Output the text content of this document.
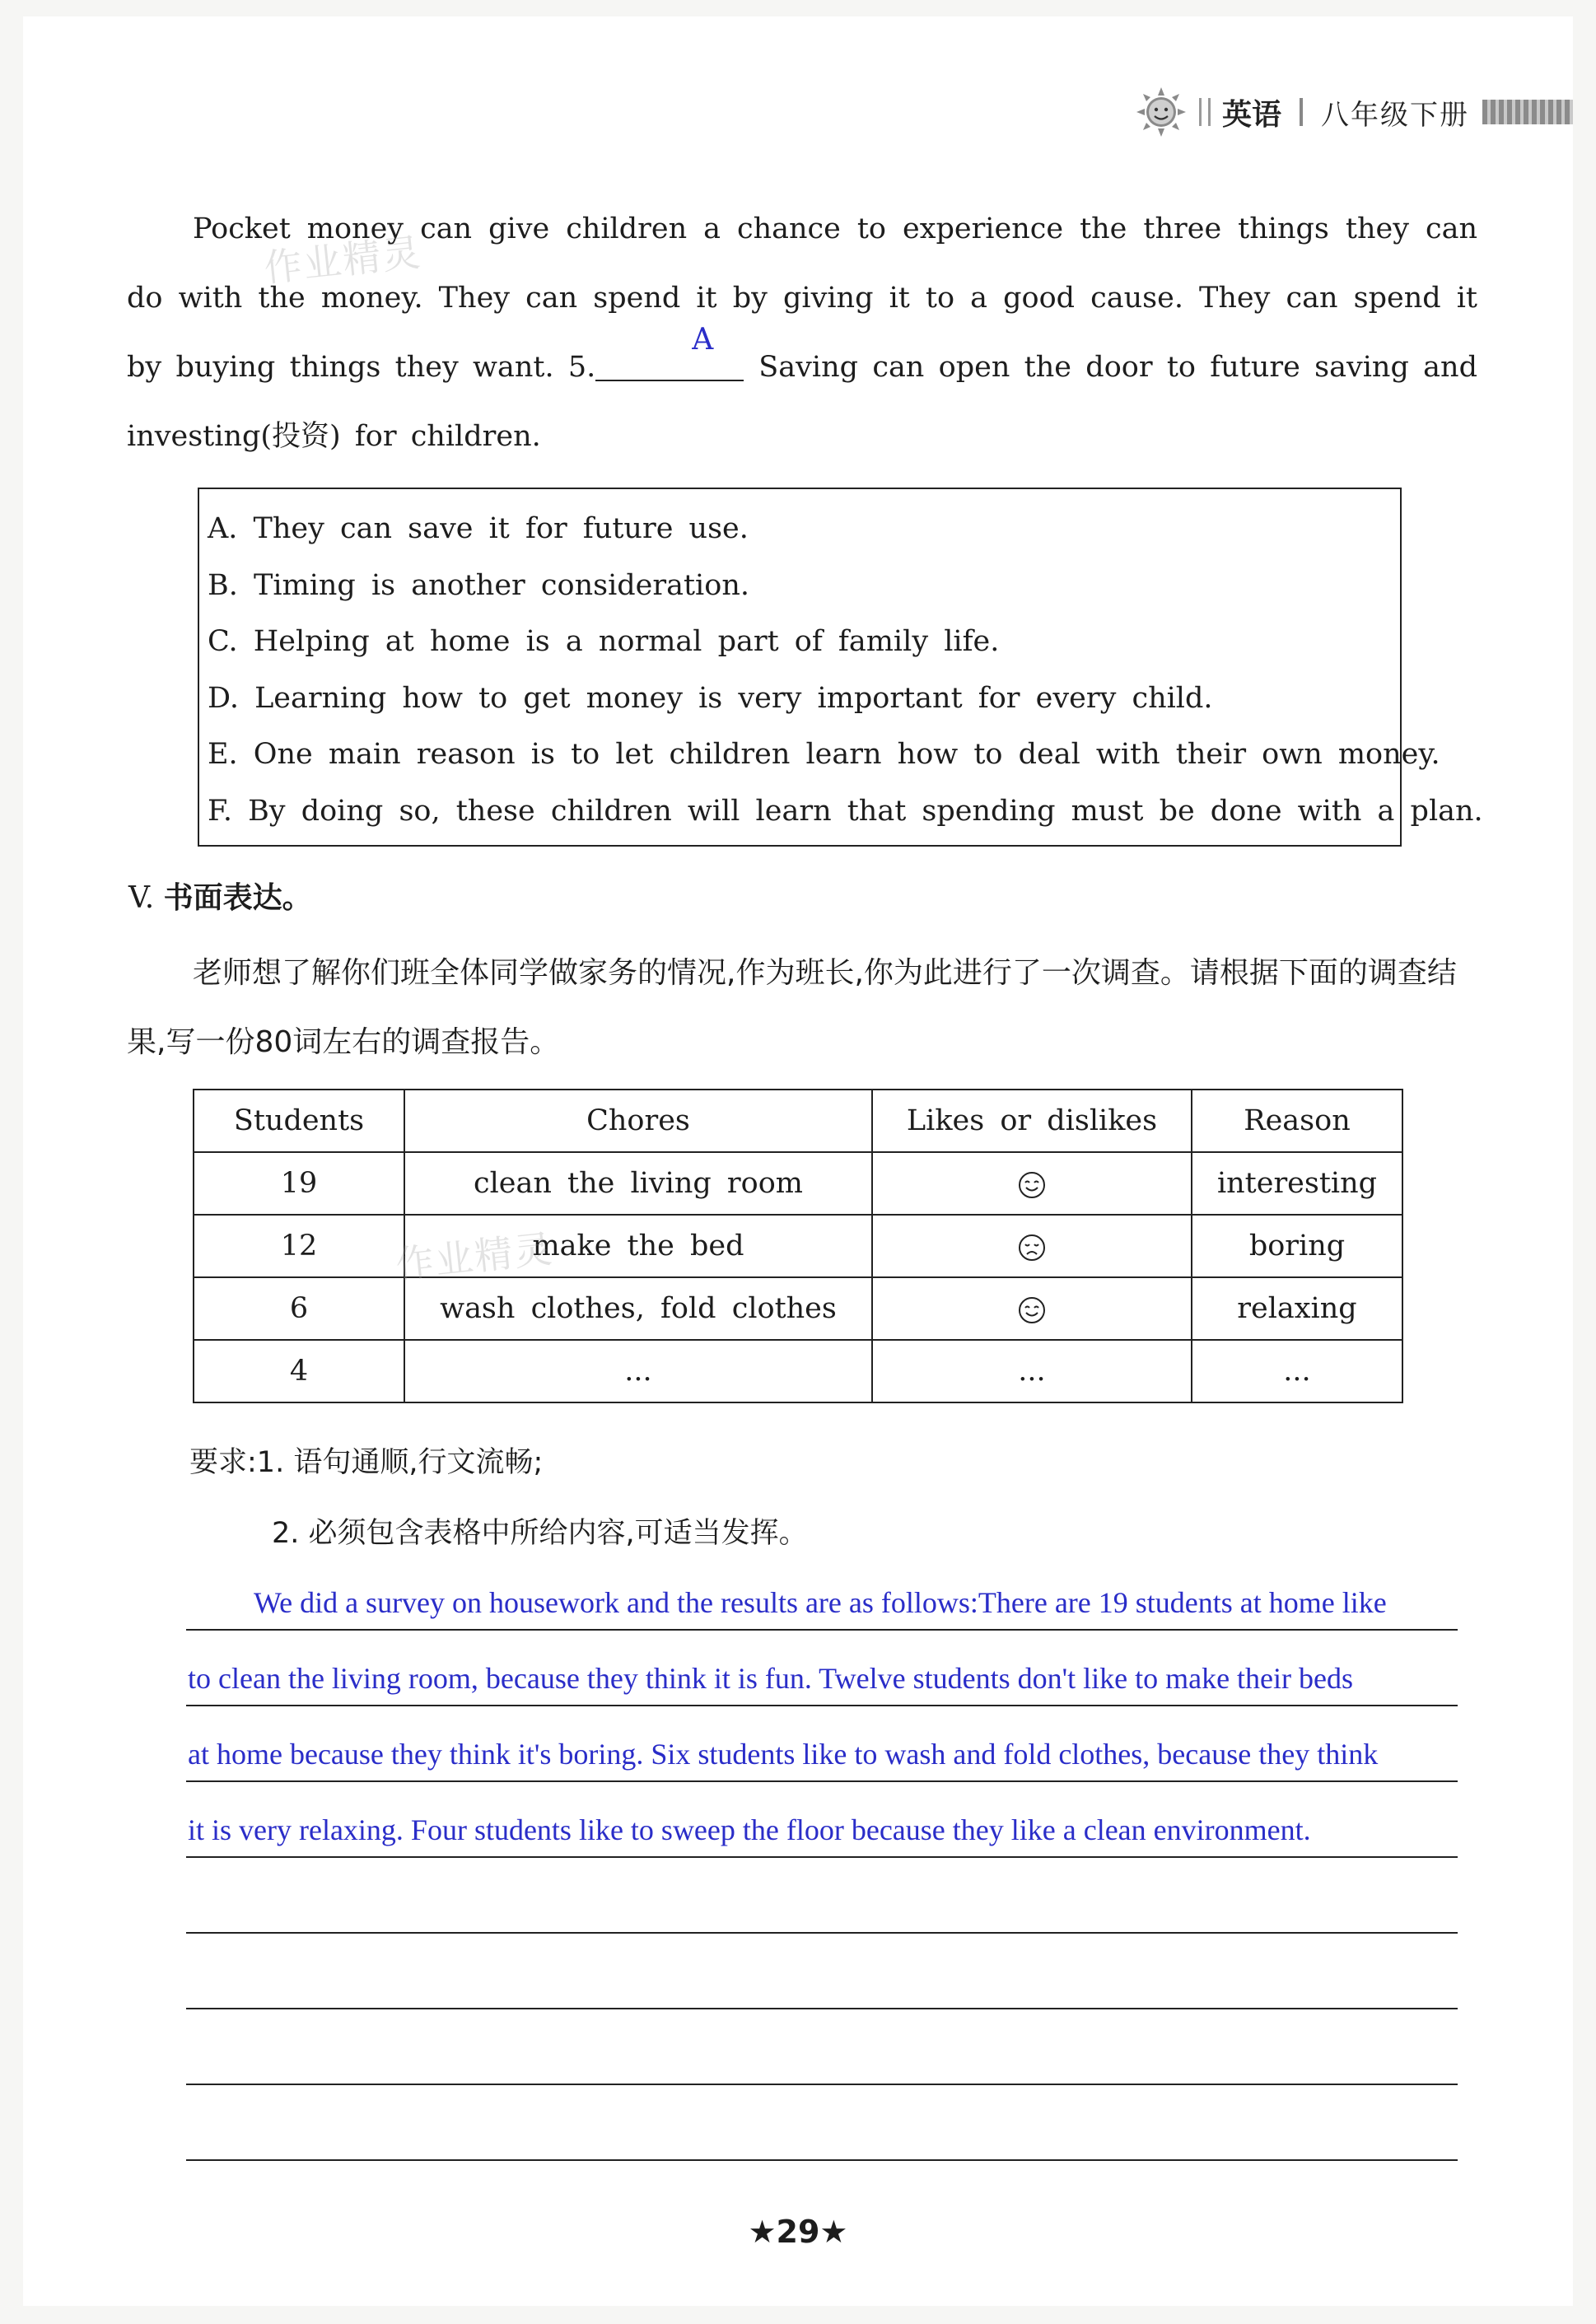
英语 八年级下册

Pocket money can give children a chance to experience the three things they can do with the money. They can spend it by giving it to a good cause. They can spend it by buying things they want. 5.
A
Saving can open the door to future saving and investing(投资) for children.

A. They can save it for future use.
B. Timing is another consideration.
C. Helping at home is a normal part of family life.
D. Learning how to get money is very important for every child.
E. One main reason is to let children learn how to deal with their own money.
F. By doing so, these children will learn that spending must be done with a plan.
V. 书面表达。
老师想了解你们班全体同学做家务的情况,作为班长,你为此进行了一次调查。请根据下面的调查结果,写一份80词左右的调查报告。
Students	Chores	Likes or dislikes	Reason
19	clean the living room		interesting
12	make the bed		boring
6	wash clothes, fold clothes		relaxing
4	...	...	...
要求:1. 语句通顺,行文流畅;
2. 必须包含表格中所给内容,可适当发挥。
We did a survey on housework and the results are as follows:There are 19 students at home like
to clean the living room, because they think it is fun. Twelve students don't like to make their beds
at home because they think it's boring. Six students like to wash and fold clothes, because they think
it is very relaxing. Four students like to sweep the floor because they like a clean environment.
作业精灵
作业精灵
★29★
